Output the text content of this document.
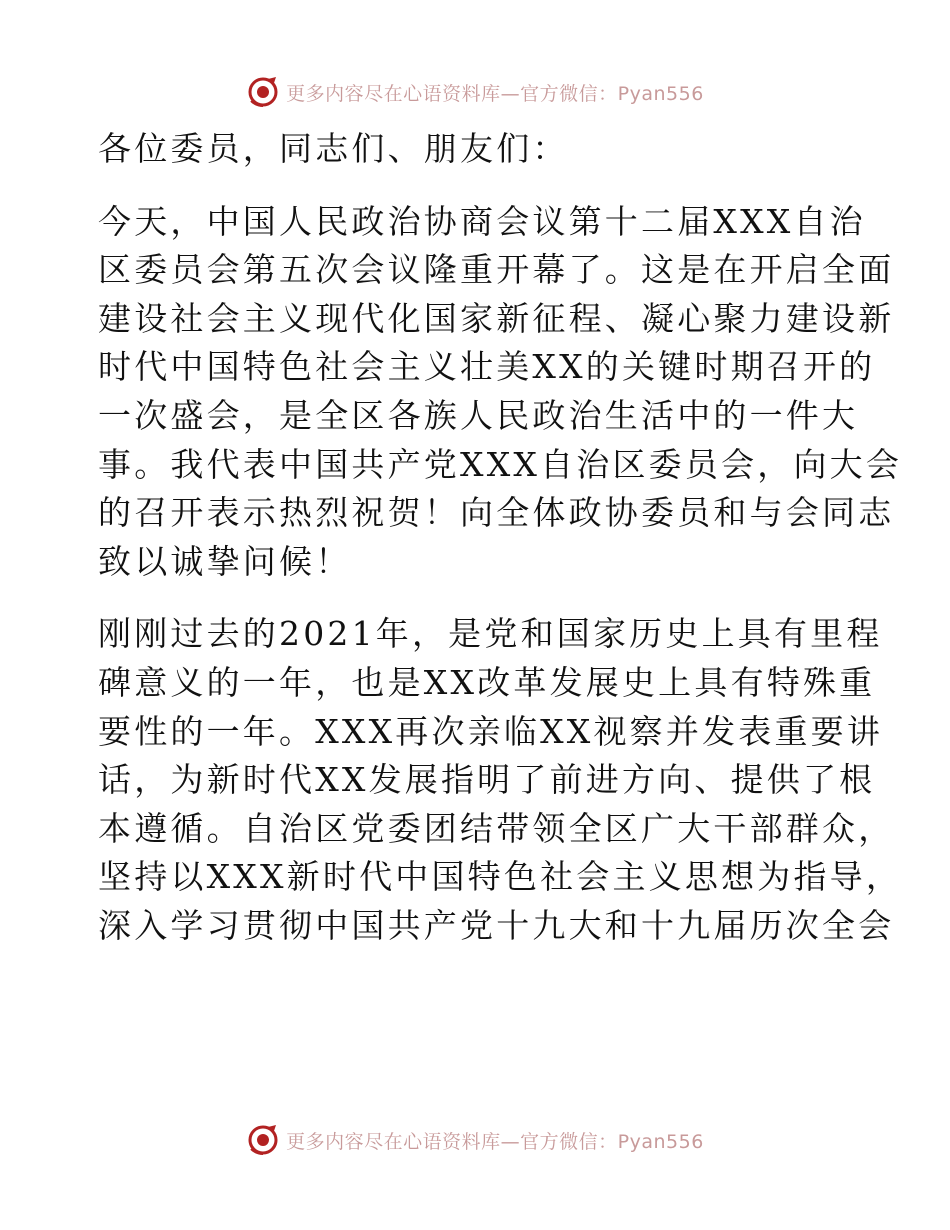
更多内容尽在心语资料库—官方微信：Pyan556

各位委员，同志们、朋友们：

今天，中国人民政治协商会议第十二届XXX自治
区委员会第五次会议隆重开幕了。这是在开启全面
建设社会主义现代化国家新征程、凝心聚力建设新
时代中国特色社会主义壮美XX的关键时期召开的
一次盛会，是全区各族人民政治生活中的一件大
事。我代表中国共产党XXX自治区委员会，向大会
的召开表示热烈祝贺！向全体政协委员和与会同志
致以诚挚问候！

刚刚过去的2021年，是党和国家历史上具有里程
碑意义的一年，也是XX改革发展史上具有特殊重
要性的一年。XXX再次亲临XX视察并发表重要讲
话，为新时代XX发展指明了前进方向、提供了根
本遵循。自治区党委团结带领全区广大干部群众，
坚持以XXX新时代中国特色社会主义思想为指导，
深入学习贯彻中国共产党十九大和十九届历次全会

更多内容尽在心语资料库—官方微信：Pyan556
